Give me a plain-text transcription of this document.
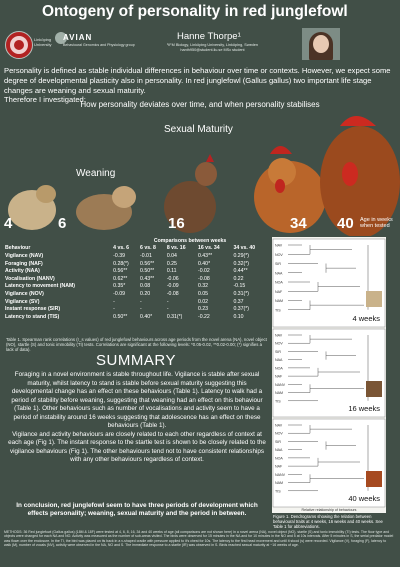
Ontogeny of personality in red junglefowl
Linköping University
AVIAN
Behavioural Genomics and Physiology group
Hanne Thorpe¹
¹IFM Biology, Linköping University, Linköping, Sweden
hanth950@student.liu.se MSc student
Personality is defined as stable individual differences in behaviour over time or contexts. However, we expect some degree of developmental plasticity also in personality. In red junglefowl (Gallus gallus) two important life stage changes are weaning and sexual maturity.
Therefore I investigated:
How personality deviates over time, and when personality stabilises
Sexual Maturity
Weaning
4	6	16	34 40 Age in weeks when tested
	Comparisons between weeks				
Behaviour	4 vs. 6	6 vs. 8	8 vs. 16	16 vs. 34	34 vs. 40
Vigilance (NAV)	-0.39	-0.01	0.04	0.43**	0.29(*)
Foraging (NAF)	0.28(*)	0.56**	0.25	0.40*	0.32(*)
Activity (NAA)	0.56**	0.50**	0.11	-0.02	0.44**
Vocalisation (NANV)	0.62**	0.43**	-0.06	-0.08	0.22
Latency to movement (NAM)	0.35*	0.08	-0.09	0.32	-0.15
Vigilance (NOV)	-0.09	0.20	-0.08	0.05	0.31(*)
Vigilance (SV)	-	-	-	0.02	0.37
Instant response (SIR)	-	-	-	0.23	0.37(*)
Latency to stand (TIS)	0.50**	0.40*	0.31(*)	-0.22	0.10
Table 1. Spearman rank correlations (r_s values) of red junglefowl behaviours across age periods from the novel arena (NA), novel object (NO), startle (S) and tonic immobility (TI) tests. Correlations are significant at the following levels: *0.05-0.02, **0.02-0.00; (*) signifies a lack of data).
SUMMARY
Foraging in a novel environment is stable throughout life. Vigilance is stable after sexual maturity, whilst latency to stand is stable before sexual maturity suggesting this developmental change has an effect on these behaviours (Table 1). Latency to walk had a period of stability before weaning, suggesting that weaning had an effect on this behaviour (Table 1). Other behaviours such as number of vocalisations and activity seem to have a period of instability around 16 weeks suggesting that adolescence has an effect on these behaviours (Table 1).
Vigilance and activity behaviours are closely related to each other regardless of context at each age (Fig 1). The instant response to the startle test is shown to be closely related to the vigilance behaviours (Fig 1). The other behaviours tend not to have consistent relationships with any other behaviours regardless of context.
In conclusion, red junglefowl seem to have three periods of development which effects personality; weaning, sexual maturity and the period in between.
METHODS: 36 Red junglefowl (Gallus gallus) (18M & 18F) were tested at 4, 6, 8, 16, 34 and 40 weeks of age (all comparisons are not shown here) in a novel arena (NA), novel object (NO), startle (S) and tonic immobility (TI) tests. The floor type and objects were changed for each NA and NO. Activity was measured as the number of sub-areas visited. The birds were observed for 15 minutes in the NA and for 10 minutes in the NO and 5 at 10s intervals. After 5 minutes in S, the serial predator model was flown over the enclosure. In the TI, the bird was placed on its back in a v-shaped cradle with pressure applied to it's chest for 10s. The latency to the first head movement and until it stood (s) were recorded. Vigilance (V), foraging (F), latency to walk (M), number of vocals (NV), activity were observed in the NA, NO and S. The immediate response to a startle (IR) was observed in S. Birds reached sexual maturity at ~16 weeks of age.
NAV
NOV
SIR
NAA
NOA
NAF
NAM
TIS
4 weeks
NAV
NOV
SIR
NAA
NOA
NAF
NANV
NAM
TIS
16 weeks
NAV
NOV
SIR
NAA
NOA
NAF
NANV
NAM
TIS
40 weeks
Relative relationship of behaviours
Figure 1. Dendrograms showing the relation between behavioural traits at 4 weeks, 16 weeks and 40 weeks. See Table 1 for abbreviations.
